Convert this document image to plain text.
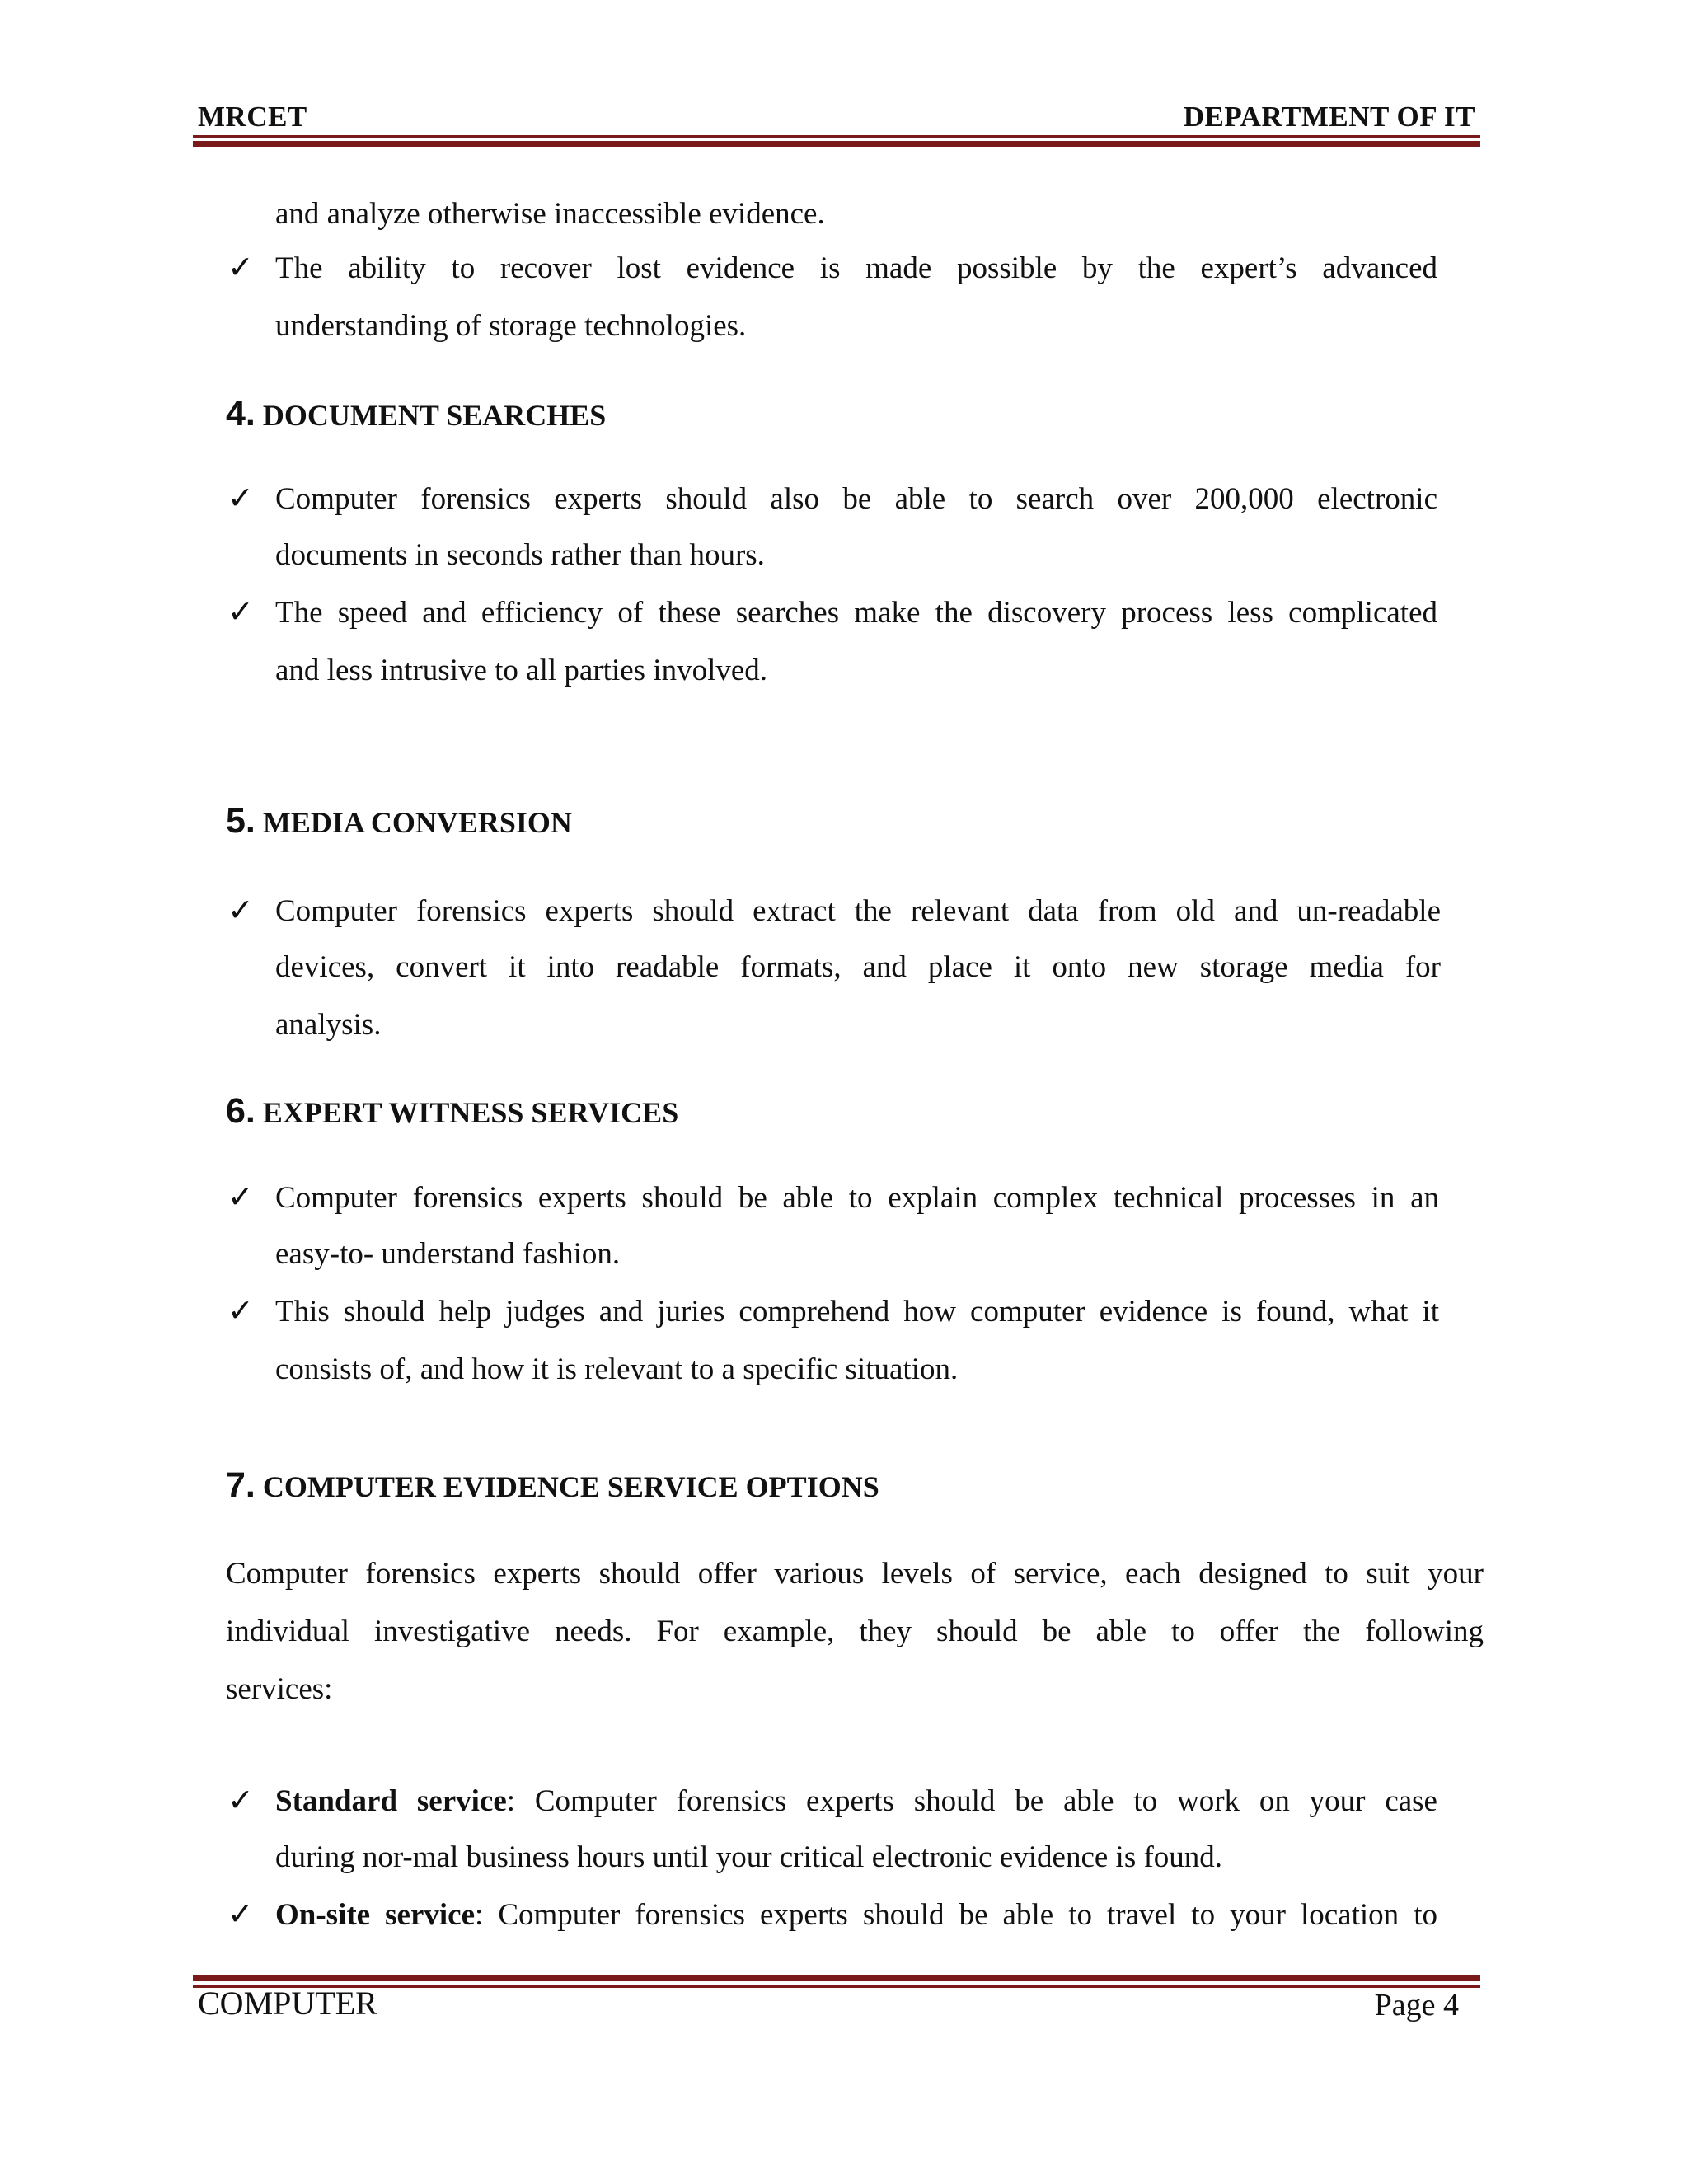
MRCET	DEPARTMENT OF IT
and analyze otherwise inaccessible evidence.
✓ The ability to recover lost evidence is made possible by the expert’s advanced
understanding of storage technologies.
4. DOCUMENT SEARCHES
✓ Computer forensics experts should also be able to search over 200,000 electronic
documents in seconds rather than hours.
✓ The speed and efficiency of these searches make the discovery process less complicated
and less intrusive to all parties involved.
5. MEDIA CONVERSION
✓ Computer forensics experts should extract the relevant data from old and un-readable
devices, convert it into readable formats, and place it onto new storage media for
analysis.
6. EXPERT WITNESS SERVICES
✓ Computer forensics experts should be able to explain complex technical processes in an
easy-to- understand fashion.
✓ This should help judges and juries comprehend how computer evidence is found, what it
consists of, and how it is relevant to a specific situation.
7. COMPUTER EVIDENCE SERVICE OPTIONS
Computer forensics experts should offer various levels of service, each designed to suit your
individual investigative needs. For example, they should be able to offer the following
services:
✓ Standard service: Computer forensics experts should be able to work on your case
during nor-mal business hours until your critical electronic evidence is found.
✓ On-site service: Computer forensics experts should be able to travel to your location to
COMPUTER	Page 4
